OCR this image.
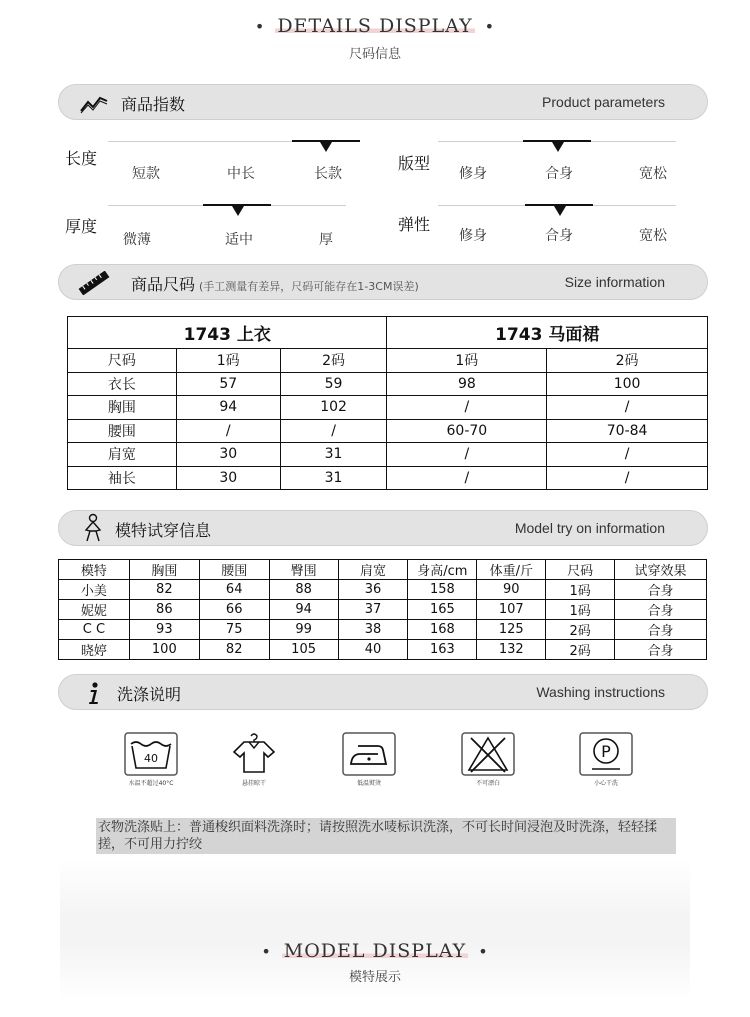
• DETAILS DISPLAY •
尺码信息
商品指数	Product parameters
长度
短款	中长	长款
版型
修身	合身	宽松
厚度
微薄	适中	厚
弹性
修身	合身	宽松
商品尺码 (手工测量有差异，尺码可能存在1-3CM误差)	Size information
1743 上衣			1743 马面裙	
尺码	1码	2码	1码	2码
衣长	57	59	98	100
胸围	94	102	/	/
腰围	/	/	60-70	70-84
肩宽	30	31	/	/
袖长	30	31	/	/
模特试穿信息	Model try on information
模特	胸围	腰围	臀围	肩宽	身高/cm	体重/斤	尺码	试穿效果
小美	82	64	88	36	158	90	1码	合身
妮妮	86	66	94	37	165	107	1码	合身
C C	93	75	99	38	168	125	2码	合身
晓婷	100	82	105	40	163	132	2码	合身
洗涤说明	Washing instructions
40
水温不超过40°C	悬挂晾干	低温熨烫	不可漂白
P
小心干洗
衣物洗涤贴上：普通梭织面料洗涤时；请按照洗水唛标识洗涤，不可长时间浸泡及时洗涤，轻轻揉搓，不可用力拧绞
• MODEL DISPLAY •
模特展示
